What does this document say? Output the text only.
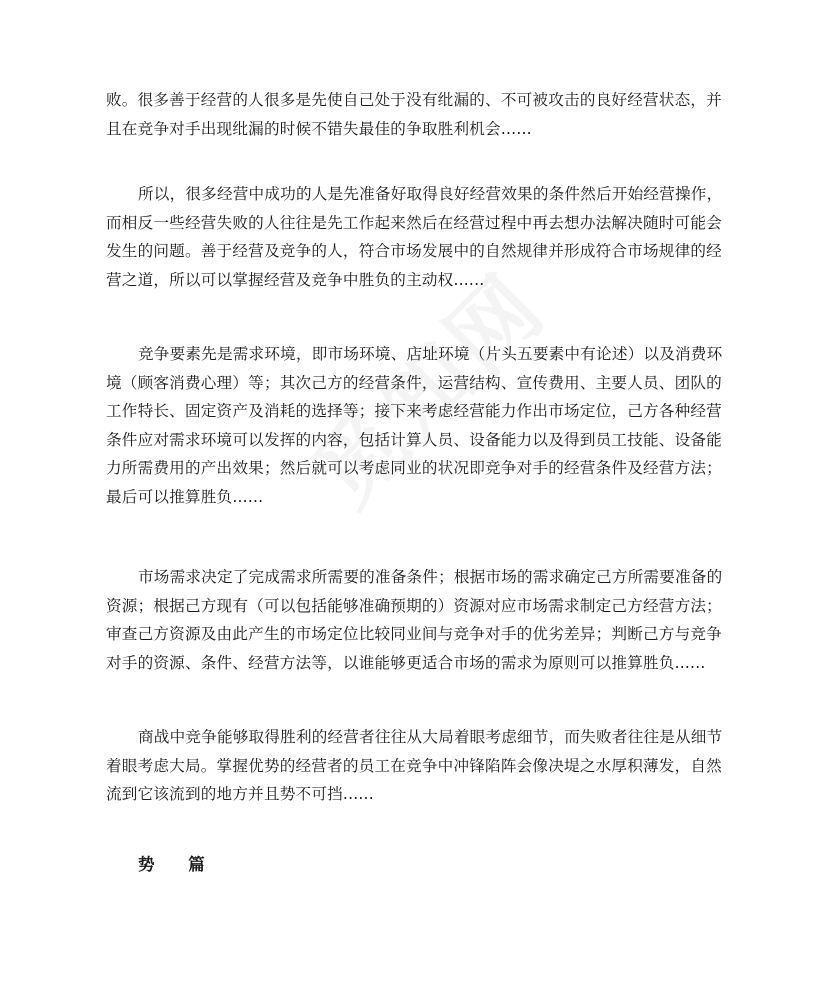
败。很多善于经营的人很多是先使自己处于没有纰漏的、不可被攻击的良好经营状态，并
且在竞争对手出现纰漏的时候不错失最佳的争取胜利机会......

所以，很多经营中成功的人是先准备好取得良好经营效果的条件然后开始经营操作，
而相反一些经营失败的人往往是先工作起来然后在经营过程中再去想办法解决随时可能会
发生的问题。善于经营及竞争的人，符合市场发展中的自然规律并形成符合市场规律的经
营之道，所以可以掌握经营及竞争中胜负的主动权......

竞争要素先是需求环境，即市场环境、店址环境（片头五要素中有论述）以及消费环
境（顾客消费心理）等；其次己方的经营条件，运营结构、宣传费用、主要人员、团队的
工作特长、固定资产及消耗的选择等；接下来考虑经营能力作出市场定位，己方各种经营
条件应对需求环境可以发挥的内容，包括计算人员、设备能力以及得到员工技能、设备能
力所需费用的产出效果；然后就可以考虑同业的状况即竞争对手的经营条件及经营方法；
最后可以推算胜负......

市场需求决定了完成需求所需要的准备条件；根据市场的需求确定己方所需要准备的
资源；根据己方现有（可以包括能够准确预期的）资源对应市场需求制定己方经营方法；
审查己方资源及由此产生的市场定位比较同业间与竞争对手的优劣差异；判断己方与竞争
对手的资源、条件、经营方法等，以谁能够更适合市场的需求为原则可以推算胜负......

商战中竞争能够取得胜利的经营者往往从大局着眼考虑细节，而失败者往往是从细节
着眼考虑大局。掌握优势的经营者的员工在竞争中冲锋陷阵会像决堤之水厚积薄发，自然
流到它该流到的地方并且势不可挡......

势 篇
